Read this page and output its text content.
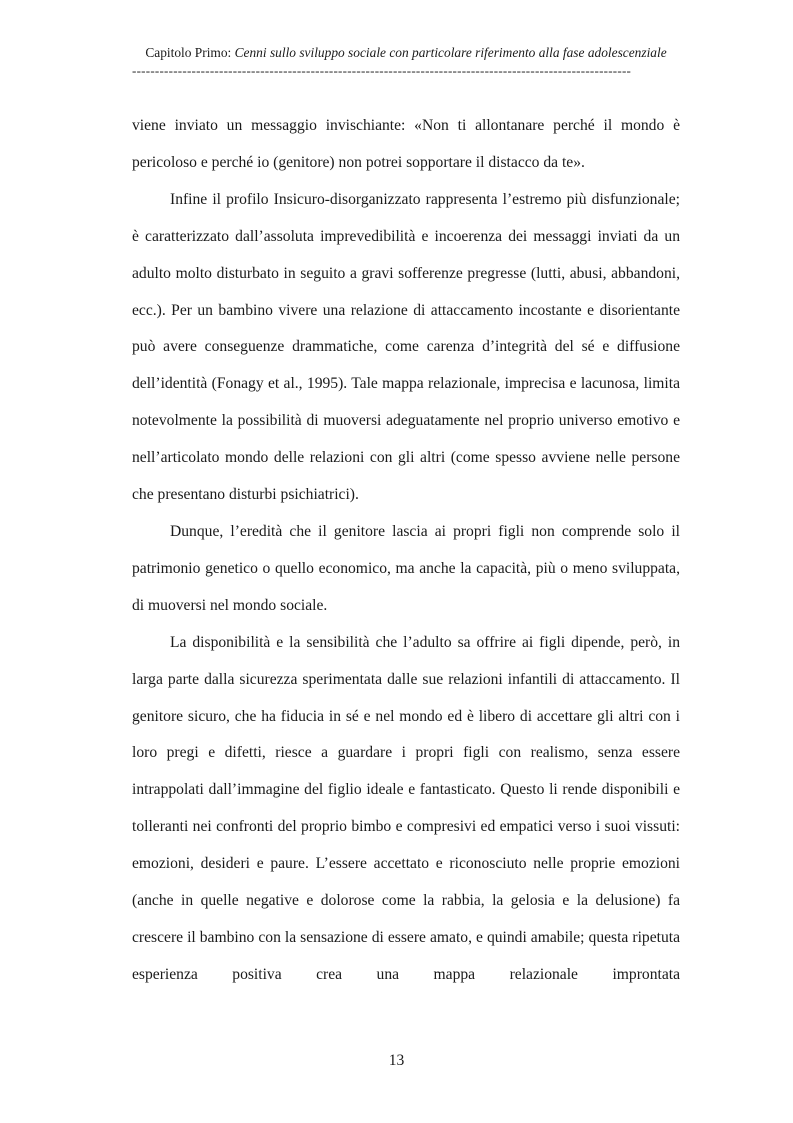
Capitolo Primo: Cenni sullo sviluppo sociale con particolare riferimento alla fase adolescenziale
-------------------------------------------------------------------------------------------------------------

viene inviato un messaggio invischiante: «Non ti allontanare perché il mondo è pericoloso e perché io (genitore) non potrei sopportare il distacco da te».

Infine il profilo Insicuro-disorganizzato rappresenta l’estremo più disfunzionale; è caratterizzato dall’assoluta imprevedibilità e incoerenza dei messaggi inviati da un adulto molto disturbato in seguito a gravi sofferenze pregresse (lutti, abusi, abbandoni, ecc.). Per un bambino vivere una relazione di attaccamento incostante e disorientante può avere conseguenze drammatiche, come carenza d’integrità del sé e diffusione dell’identità (Fonagy et al., 1995). Tale mappa relazionale, imprecisa e lacunosa, limita notevolmente la possibilità di muoversi adeguatamente nel proprio universo emotivo e nell’articolato mondo delle relazioni con gli altri (come spesso avviene nelle persone che presentano disturbi psichiatrici).

Dunque, l’eredità che il genitore lascia ai propri figli non comprende solo il patrimonio genetico o quello economico, ma anche la capacità, più o meno sviluppata, di muoversi nel mondo sociale.

La disponibilità e la sensibilità che l’adulto sa offrire ai figli dipende, però, in larga parte dalla sicurezza sperimentata dalle sue relazioni infantili di attaccamento. Il genitore sicuro, che ha fiducia in sé e nel mondo ed è libero di accettare gli altri con i loro pregi e difetti, riesce a guardare i propri figli con realismo, senza essere intrappolati dall’immagine del figlio ideale e fantasticato. Questo li rende disponibili e tolleranti nei confronti del proprio bimbo e compresivi ed empatici verso i suoi vissuti: emozioni, desideri e paure. L’essere accettato e riconosciuto nelle proprie emozioni (anche in quelle negative e dolorose come la rabbia, la gelosia e la delusione) fa crescere il bambino con la sensazione di essere amato, e quindi amabile; questa ripetuta esperienza positiva crea una mappa relazionale improntata

13
